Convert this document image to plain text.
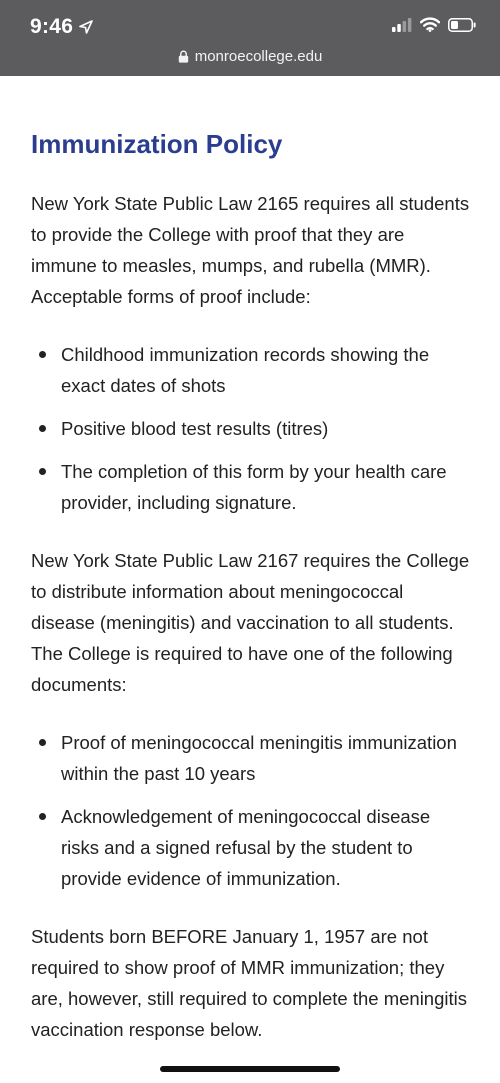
9:46
monroecollege.edu
Immunization Policy

New York State Public Law 2165 requires all students to provide the College with proof that they are immune to measles, mumps, and rubella (MMR). Acceptable forms of proof include:

Childhood immunization records showing the exact dates of shots
Positive blood test results (titres)
The completion of this form by your health care provider, including signature.

New York State Public Law 2167 requires the College to distribute information about meningococcal disease (meningitis) and vaccination to all students. The College is required to have one of the following documents:

Proof of meningococcal meningitis immunization within the past 10 years
Acknowledgement of meningococcal disease risks and a signed refusal by the student to provide evidence of immunization.

Students born BEFORE January 1, 1957 are not required to show proof of MMR immunization; they are, however, still required to complete the meningitis vaccination response below.
